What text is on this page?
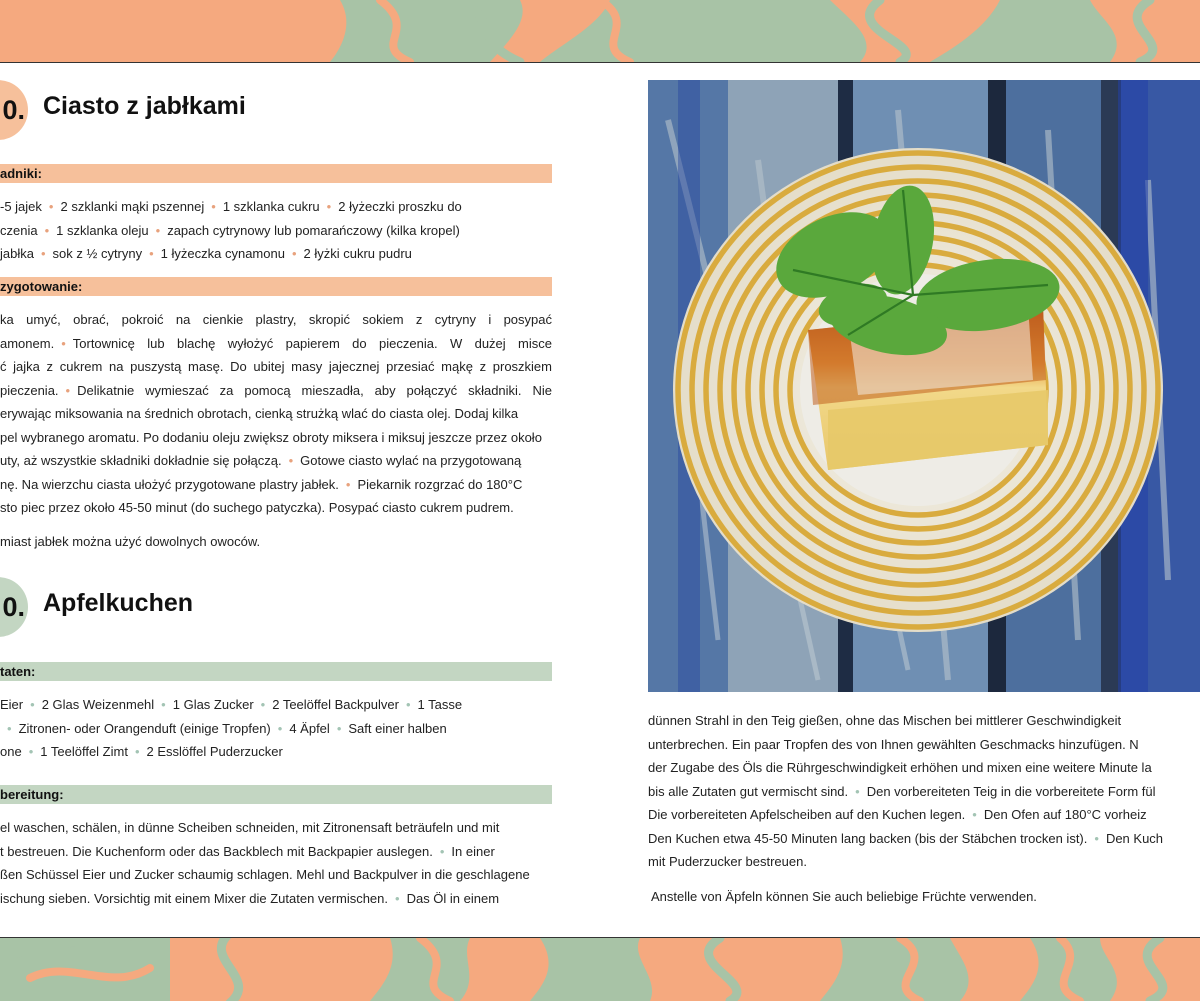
0. Ciasto z jabłkami
adniki:
-5 jajek • 2 szklanki mąki pszennej • 1 szklanka cukru • 2 łyżeczki proszku do
czenia • 1 szklanka oleju • zapach cytrynowy lub pomarańczowy (kilka kropel)
jabłka • sok z ½ cytryny • 1 łyżeczka cynamonu • 2 łyżki cukru pudru
zygotowanie:
ka umyć, obrać, pokroić na cienkie plastry, skropić sokiem z cytryny i posypać
amonem. • Tortownicę lub blachę wyłożyć papierem do pieczenia. W dużej misce
ć jajka z cukrem na puszystą masę. Do ubitej masy jajecznej przesiać mąkę z proszkiem
pieczenia. • Delikatnie wymieszać za pomocą mieszadła, aby połączyć składniki. Nie
erywając miksowania na średnich obrotach, cienką strużką wlać do ciasta olej. Dodaj kilka
pel wybranego aromatu. Po dodaniu oleju zwiększ obroty miksera i miksuj jeszcze przez około
uty, aż wszystkie składniki dokładnie się połączą. • Gotowe ciasto wylać na przygotowaną
nę. Na wierzchu ciasta ułożyć przygotowane plastry jabłek. • Piekarnik rozgrzać do 180°C
sto piec przez około 45-50 minut (do suchego patyczka). Posypać ciasto cukrem pudrem.
miast jabłek można użyć dowolnych owoców.
0. Apfelkuchen
taten:
Eier • 2 Glas Weizenmehl • 1 Glas Zucker • 2 Teelöffel Backpulver • 1 Tasse
• Zitronen- oder Orangenduft (einige Tropfen) • 4 Äpfel • Saft einer halben
one • 1 Teelöffel Zimt • 2 Esslöffel Puderzucker
bereitung:
el waschen, schälen, in dünne Scheiben schneiden, mit Zitronensaft beträufeln und mit
t bestreuen. Die Kuchenform oder das Backblech mit Backpapier auslegen. • In einer
ßen Schüssel Eier und Zucker schaumig schlagen. Mehl und Backpulver in die geschlagene
ischung sieben. Vorsichtig mit einem Mixer die Zutaten vermischen. • Das Öl in einem
dünnen Strahl in den Teig gießen, ohne das Mischen bei mittlerer Geschwindigkeit
unterbrechen. Ein paar Tropfen des von Ihnen gewählten Geschmacks hinzufügen. N
der Zugabe des Öls die Rührgeschwindigkeit erhöhen und mixen eine weitere Minute la
bis alle Zutaten gut vermischt sind. • Den vorbereiteten Teig in die vorbereitete Form fül
Die vorbereiteten Apfelscheiben auf den Kuchen legen. • Den Ofen auf 180°C vorheiz
Den Kuchen etwa 45-50 Minuten lang backen (bis der Stäbchen trocken ist). • Den Kuch
mit Puderzucker bestreuen.
Anstelle von Äpfeln können Sie auch beliebige Früchte verwenden.
